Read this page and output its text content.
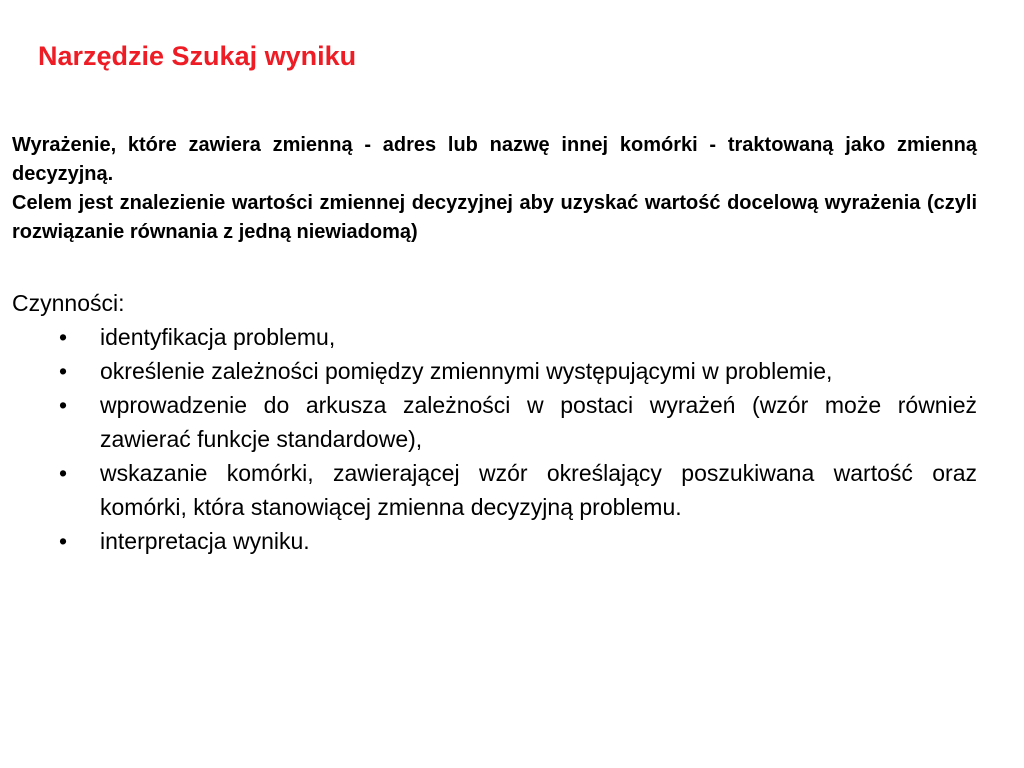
Narzędzie Szukaj wyniku

Wyrażenie, które zawiera zmienną - adres lub nazwę innej komórki - traktowaną jako zmienną decyzyjną.

Celem jest znalezienie wartości zmiennej decyzyjnej aby uzyskać wartość docelową wyrażenia (czyli rozwiązanie równania z jedną niewiadomą)

Czynności:

• identyfikacja problemu,
• określenie zależności pomiędzy zmiennymi występującymi w problemie,
• wprowadzenie do arkusza zależności w postaci wyrażeń (wzór może również zawierać funkcje standardowe),
• wskazanie komórki, zawierającej wzór określający poszukiwana wartość oraz komórki, która stanowiącej zmienna decyzyjną problemu.
• interpretacja wyniku.
